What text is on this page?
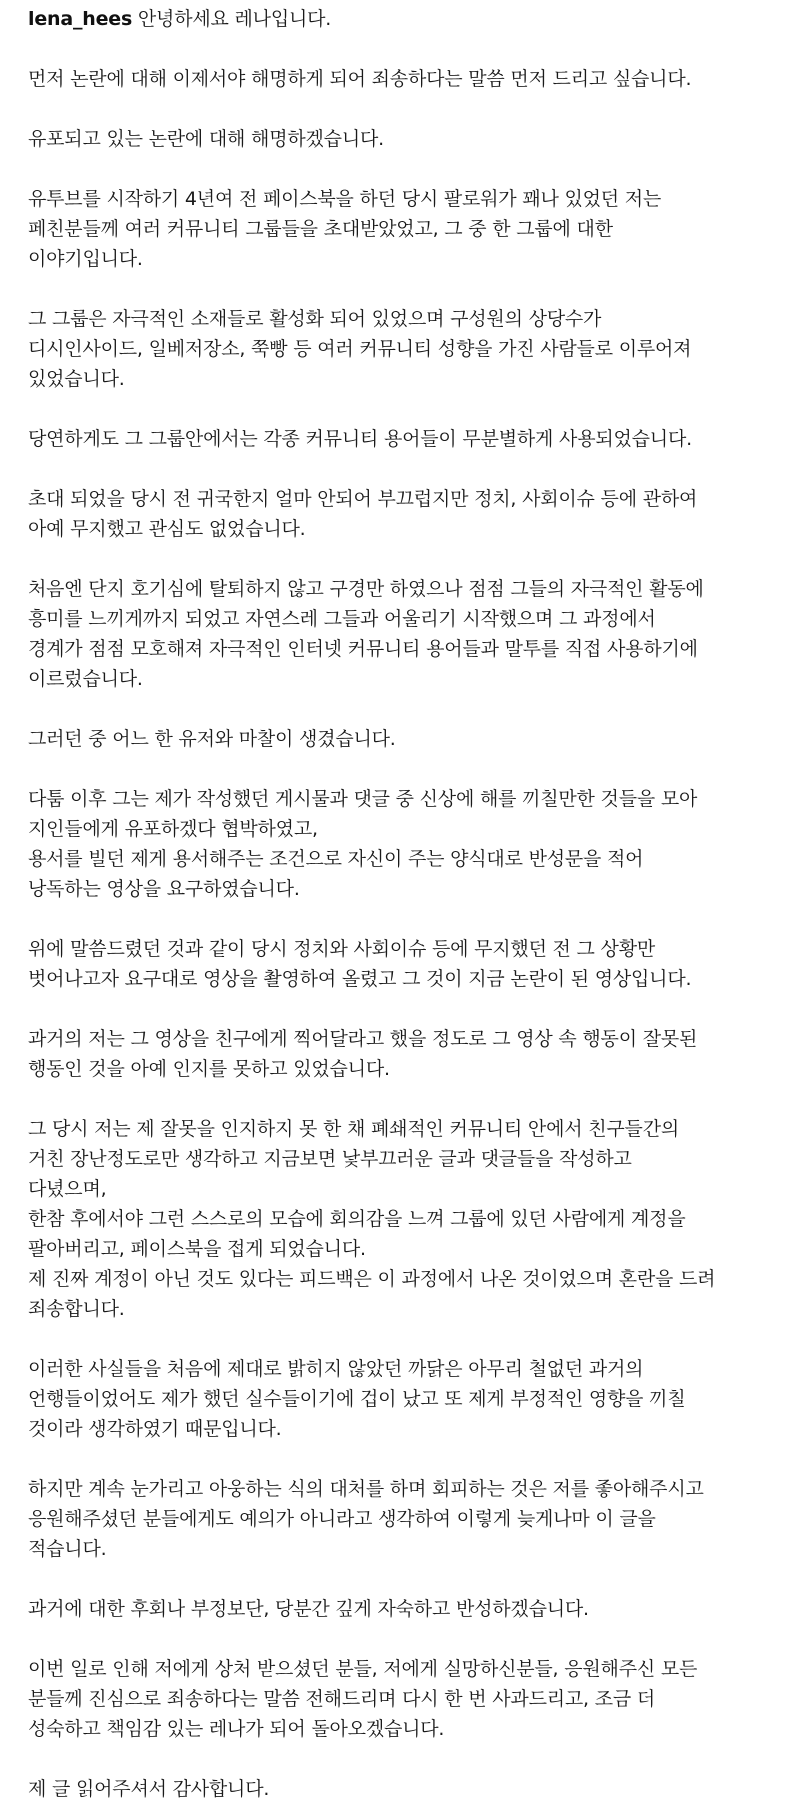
lena_hees 안녕하세요 레나입니다.
먼저 논란에 대해 이제서야 해명하게 되어 죄송하다는 말씀 먼저 드리고 싶습니다.
유포되고 있는 논란에 대해 해명하겠습니다.
유투브를 시작하기 4년여 전 페이스북을 하던 당시 팔로워가 꽤나 있었던 저는
페친분들께 여러 커뮤니티 그룹들을 초대받았었고, 그 중 한 그룹에 대한
이야기입니다.
그 그룹은 자극적인 소재들로 활성화 되어 있었으며 구성원의 상당수가
디시인사이드, 일베저장소, 쭉빵 등 여러 커뮤니티 성향을 가진 사람들로 이루어져
있었습니다.
당연하게도 그 그룹안에서는 각종 커뮤니티 용어들이 무분별하게 사용되었습니다.
초대 되었을 당시 전 귀국한지 얼마 안되어 부끄럽지만 정치, 사회이슈 등에 관하여
아예 무지했고 관심도 없었습니다.
처음엔 단지 호기심에 탈퇴하지 않고 구경만 하였으나 점점 그들의 자극적인 활동에
흥미를 느끼게까지 되었고 자연스레 그들과 어울리기 시작했으며 그 과정에서
경계가 점점 모호해져 자극적인 인터넷 커뮤니티 용어들과 말투를 직접 사용하기에
이르렀습니다.
그러던 중 어느 한 유저와 마찰이 생겼습니다.
다툼 이후 그는 제가 작성했던 게시물과 댓글 중 신상에 해를 끼칠만한 것들을 모아
지인들에게 유포하겠다 협박하였고,
용서를 빌던 제게 용서해주는 조건으로 자신이 주는 양식대로 반성문을 적어
낭독하는 영상을 요구하였습니다.
위에 말씀드렸던 것과 같이 당시 정치와 사회이슈 등에 무지했던 전 그 상황만
벗어나고자 요구대로 영상을 촬영하여 올렸고 그 것이 지금 논란이 된 영상입니다.
과거의 저는 그 영상을 친구에게 찍어달라고 했을 정도로 그 영상 속 행동이 잘못된
행동인 것을 아예 인지를 못하고 있었습니다.
그 당시 저는 제 잘못을 인지하지 못 한 채 폐쇄적인 커뮤니티 안에서 친구들간의
거친 장난정도로만 생각하고 지금보면 낯부끄러운 글과 댓글들을 작성하고
다녔으며,
한참 후에서야 그런 스스로의 모습에 회의감을 느껴 그룹에 있던 사람에게 계정을
팔아버리고, 페이스북을 접게 되었습니다.
제 진짜 계정이 아닌 것도 있다는 피드백은 이 과정에서 나온 것이었으며 혼란을 드려
죄송합니다.
이러한 사실들을 처음에 제대로 밝히지 않았던 까닭은 아무리 철없던 과거의
언행들이었어도 제가 했던 실수들이기에 겁이 났고 또 제게 부정적인 영향을 끼칠
것이라 생각하였기 때문입니다.
하지만 계속 눈가리고 아웅하는 식의 대처를 하며 회피하는 것은 저를 좋아해주시고
응원해주셨던 분들에게도 예의가 아니라고 생각하여 이렇게 늦게나마 이 글을
적습니다.
과거에 대한 후회나 부정보단, 당분간 깊게 자숙하고 반성하겠습니다.
이번 일로 인해 저에게 상처 받으셨던 분들, 저에게 실망하신분들, 응원해주신 모든
분들께 진심으로 죄송하다는 말씀 전해드리며 다시 한 번 사과드리고, 조금 더
성숙하고 책임감 있는 레나가 되어 돌아오겠습니다.
제 글 읽어주셔서 감사합니다.
